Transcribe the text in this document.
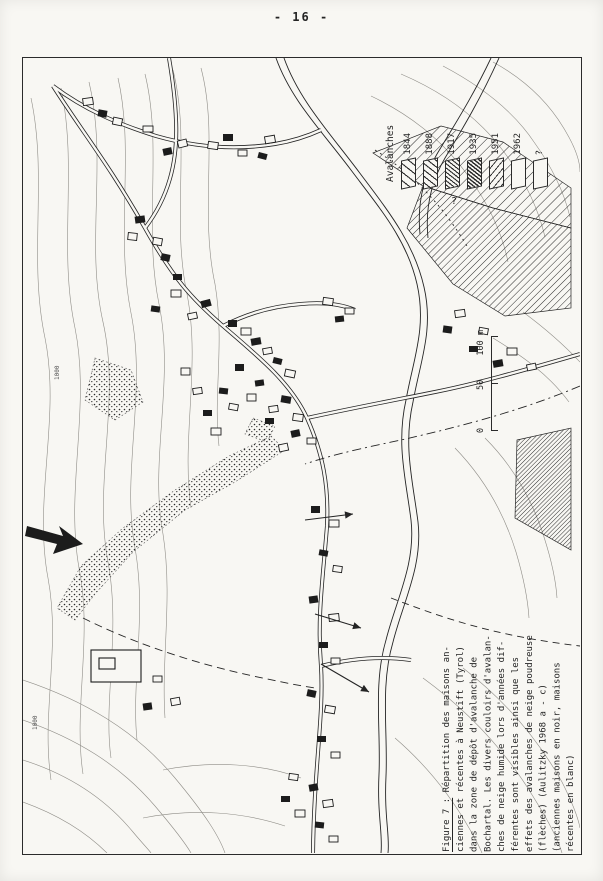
- 16 -
1000
1000
?
Avalanches 1844 1888 1917 1935 1951 1962 ?
0
50
100 m
Figure 7 : Répartition des maisons an- ciennes et récentes à Neustift (Tyrol) dans la zone de dépôt d'avalanche de Bochartal. Les divers couloirs d'avalan- ches de neige humide lors d'années dif- férentes sont visibles ainsi que les effets des avalanches de neige poudreuse (flèches) (Aulitzky 1968 a - c) (anciennes maisons en noir, maisons récentes en blanc)
